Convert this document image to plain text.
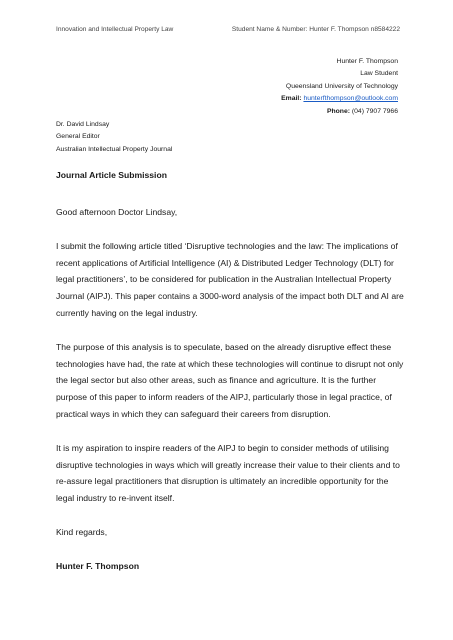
Innovation and Intellectual Property Law	Student Name & Number: Hunter F. Thompson n8584222
Hunter F. Thompson
Law Student
Queensland University of Technology
Email: hunterfthompson@outlook.com
Phone: (04) 7907 7966
Dr. David Lindsay
General Editor
Australian Intellectual Property Journal
Journal Article Submission

Good afternoon Doctor Lindsay,

I submit the following article titled ‘Disruptive technologies and the law: The implications of recent applications of Artificial Intelligence (AI) & Distributed Ledger Technology (DLT) for legal practitioners’, to be considered for publication in the Australian Intellectual Property Journal (AIPJ). This paper contains a 3000-word analysis of the impact both DLT and AI are currently having on the legal industry.

The purpose of this analysis is to speculate, based on the already disruptive effect these technologies have had, the rate at which these technologies will continue to disrupt not only the legal sector but also other areas, such as finance and agriculture. It is the further purpose of this paper to inform readers of the AIPJ, particularly those in legal practice, of practical ways in which they can safeguard their careers from disruption.

It is my aspiration to inspire readers of the AIPJ to begin to consider methods of utilising disruptive technologies in ways which will greatly increase their value to their clients and to re-assure legal practitioners that disruption is ultimately an incredible opportunity for the legal industry to re-invent itself.

Kind regards,

Hunter F. Thompson
